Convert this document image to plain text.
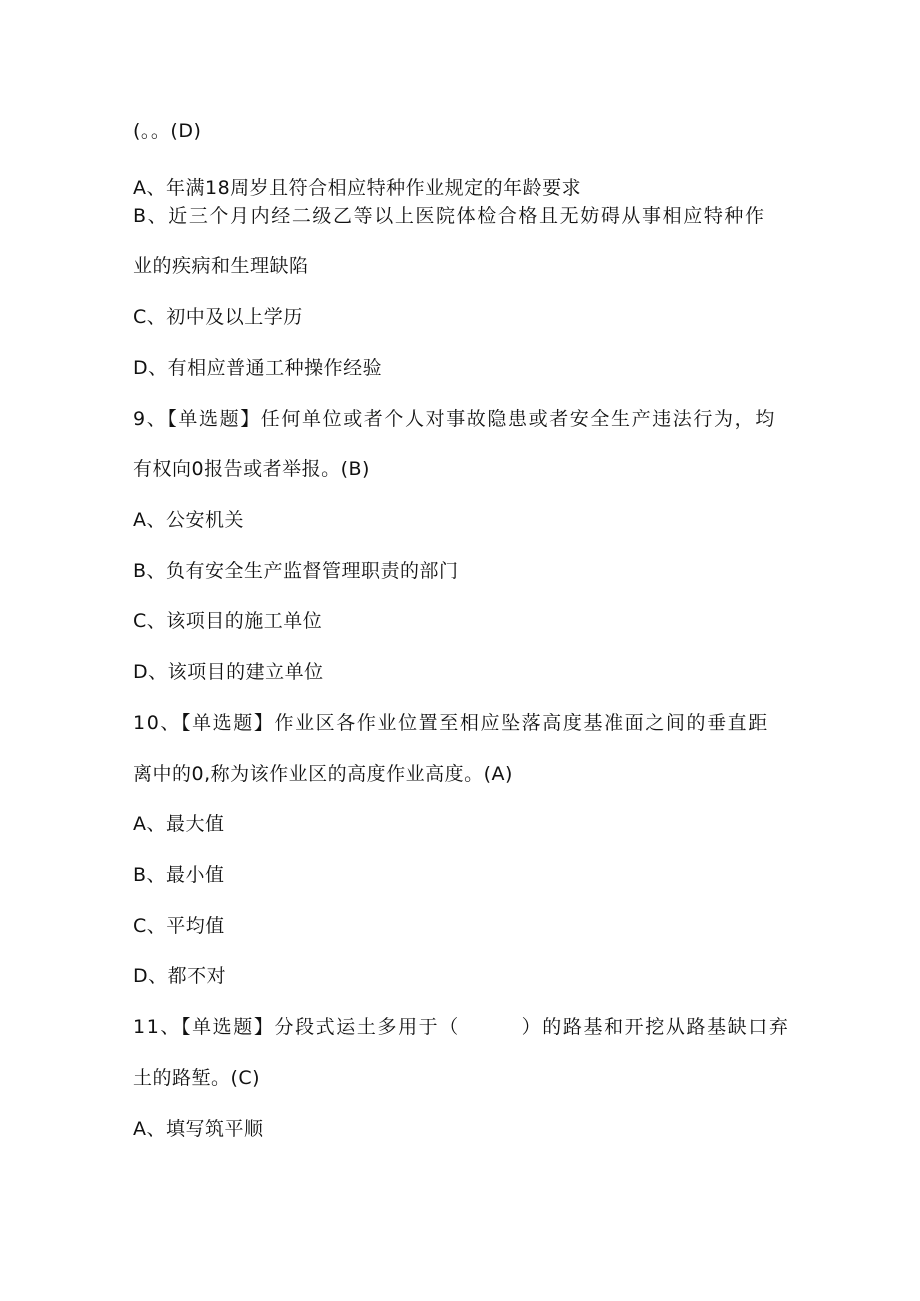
(。。(D)
A、年满18周岁且符合相应特种作业规定的年龄要求
B、近三个月内经二级乙等以上医院体检合格且无妨碍从事相应特种作
业的疾病和生理缺陷
C、初中及以上学历
D、有相应普通工种操作经验
9、【单选题】任何单位或者个人对事故隐患或者安全生产违法行为，均
有权向0报告或者举报。(B)
A、公安机关
B、负有安全生产监督管理职责的部门
C、该项目的施工单位
D、该项目的建立单位
10、【单选题】作业区各作业位置至相应坠落高度基准面之间的垂直距
离中的0,称为该作业区的高度作业高度。(A)
A、最大值
B、最小值
C、平均值
D、都不对
11、【单选题】分段式运土多用于（　　　）的路基和开挖从路基缺口弃
土的路堑。(C)
A、填写筑平顺
